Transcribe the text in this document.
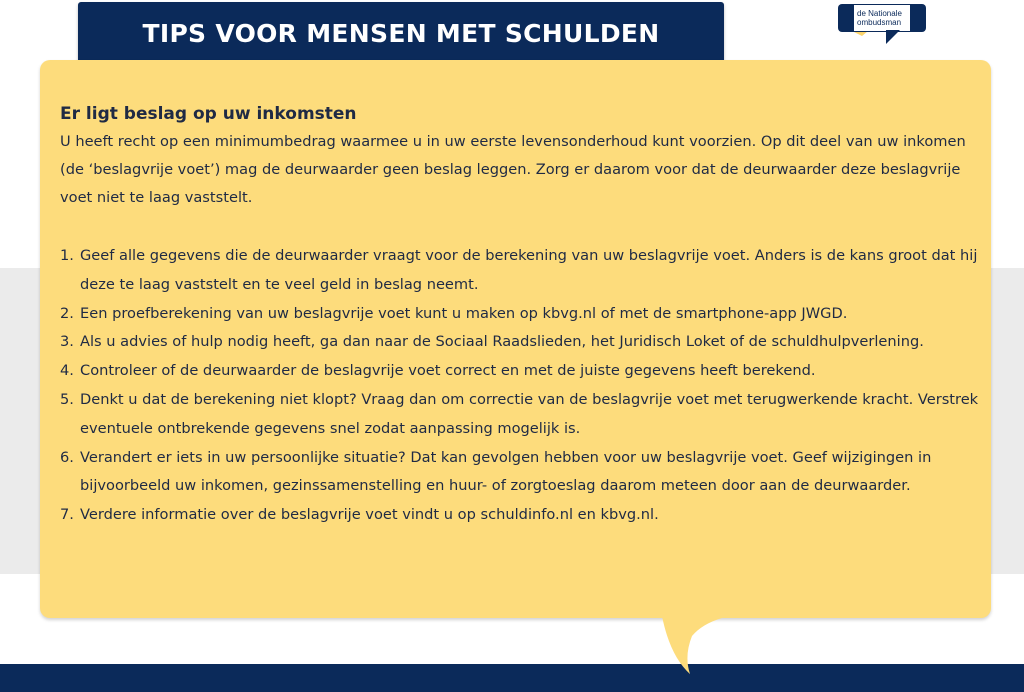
TIPS VOOR MENSEN MET SCHULDEN
de Nationale
ombudsman

Er ligt beslag op uw inkomsten

U heeft recht op een minimumbedrag waarmee u in uw eerste levensonderhoud kunt voorzien. Op dit deel van uw inkomen (de ‘beslagvrije voet’) mag de deurwaarder geen beslag leggen. Zorg er daarom voor dat de deurwaarder deze beslagvrije voet niet te laag vaststelt.

1. Geef alle gegevens die de deurwaarder vraagt voor de berekening van uw beslagvrije voet. Anders is de kans groot dat hij deze te laag vaststelt en te veel geld in beslag neemt.
2. Een proefberekening van uw beslagvrije voet kunt u maken op kbvg.nl of met de smartphone-app JWGD.
3. Als u advies of hulp nodig heeft, ga dan naar de Sociaal Raadslieden, het Juridisch Loket of de schuldhulpverlening.
4. Controleer of de deurwaarder de beslagvrije voet correct en met de juiste gegevens heeft berekend.
5. Denkt u dat de berekening niet klopt? Vraag dan om correctie van de beslagvrije voet met terugwerkende kracht. Verstrek eventuele ontbrekende gegevens snel zodat aanpassing mogelijk is.
6. Verandert er iets in uw persoonlijke situatie? Dat kan gevolgen hebben voor uw beslagvrije voet. Geef wijzigingen in bijvoorbeeld uw inkomen, gezinssamenstelling en huur- of zorgtoeslag daarom meteen door aan de deurwaarder.
7. Verdere informatie over de beslagvrije voet vindt u op schuldinfo.nl en kbvg.nl.
